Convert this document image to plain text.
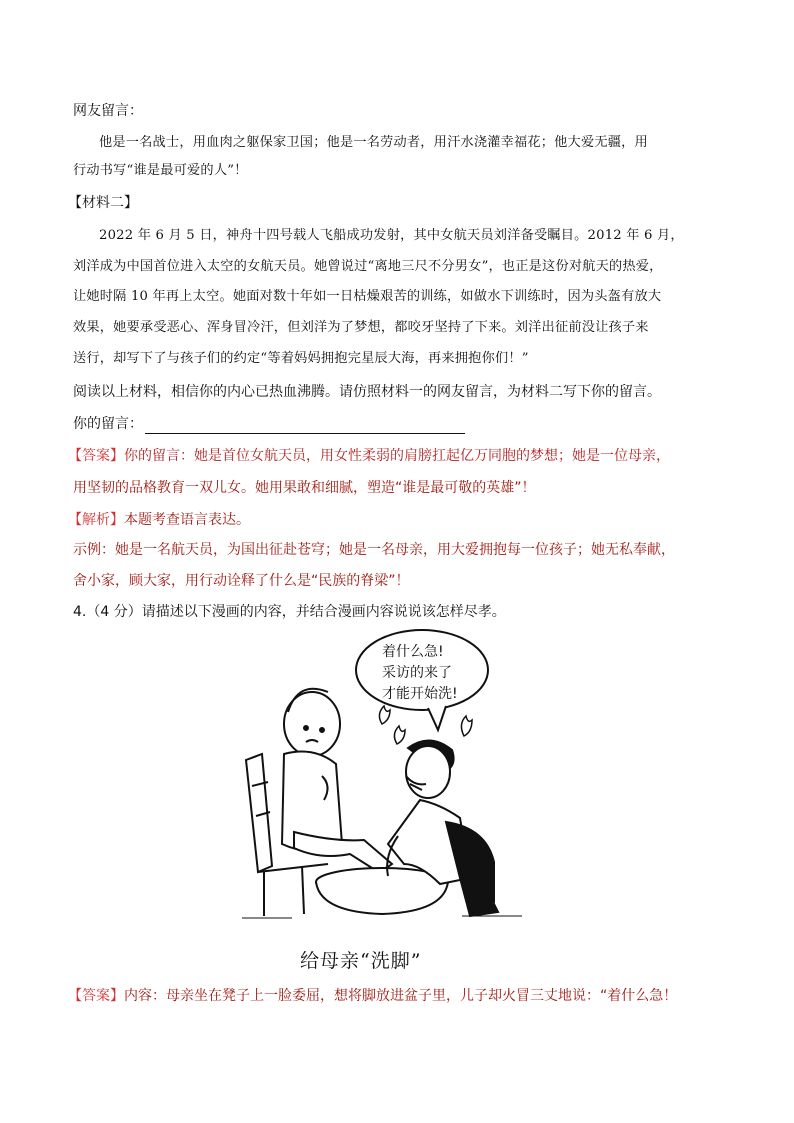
网友留言：
他是一名战士，用血肉之躯保家卫国；他是一名劳动者，用汗水浇灌幸福花；他大爱无疆，用
行动书写“谁是最可爱的人”！
【材料二】
2022 年 6 月 5 日，神舟十四号载人飞船成功发射，其中女航天员刘洋备受瞩目。2012 年 6 月，
刘洋成为中国首位进入太空的女航天员。她曾说过“离地三尺不分男女”，也正是这份对航天的热爱，
让她时隔 10 年再上太空。她面对数十年如一日枯燥艰苦的训练，如做水下训练时，因为头盔有放大
效果，她要承受恶心、浑身冒冷汗，但刘洋为了梦想，都咬牙坚持了下来。刘洋出征前没让孩子来
送行，却写下了与孩子们的约定“等着妈妈拥抱完星辰大海，再来拥抱你们！”
阅读以上材料，相信你的内心已热血沸腾。请仿照材料一的网友留言，为材料二写下你的留言。
你的留言：
【答案】你的留言：她是首位女航天员，用女性柔弱的肩膀扛起亿万同胞的梦想；她是一位母亲，
用坚韧的品格教育一双儿女。她用果敢和细腻，塑造“谁是最可敬的英雄”！
【解析】本题考查语言表达。
示例：她是一名航天员，为国出征赴苍穹；她是一名母亲，用大爱拥抱每一位孩子；她无私奉献，
舍小家，顾大家，用行动诠释了什么是“民族的脊梁”！
4.（4 分）请描述以下漫画的内容，并结合漫画内容说说该怎样尽孝。
着什么急!
采访的来了
才能开始洗!
给母亲“洗脚”
【答案】内容：母亲坐在凳子上一脸委屈，想将脚放进盆子里，儿子却火冒三丈地说：“着什么急！
